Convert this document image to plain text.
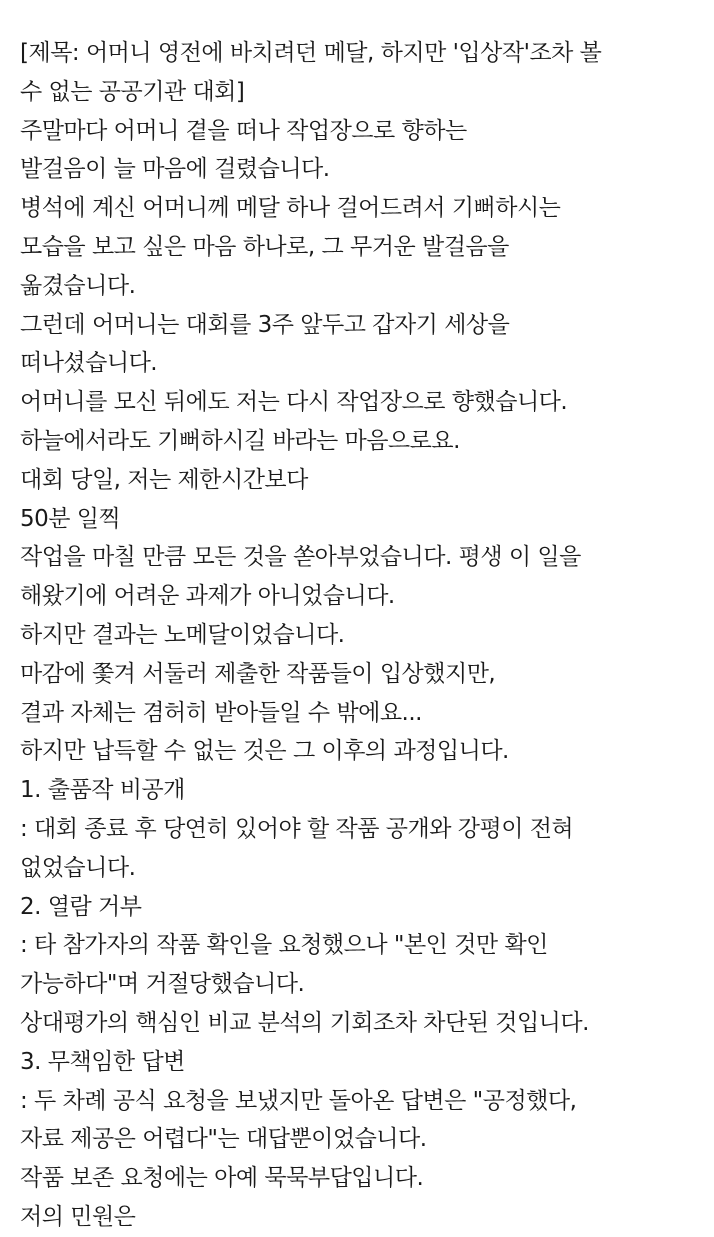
[제목: 어머니 영전에 바치려던 메달, 하지만 '입상작'조차 볼
수 없는 공공기관 대회]
주말마다 어머니 곁을 떠나 작업장으로 향하는
발걸음이 늘 마음에 걸렸습니다.
병석에 계신 어머니께 메달 하나 걸어드려서 기뻐하시는
모습을 보고 싶은 마음 하나로, 그 무거운 발걸음을
옮겼습니다.
그런데 어머니는 대회를 3주 앞두고 갑자기 세상을
떠나셨습니다.
어머니를 모신 뒤에도 저는 다시 작업장으로 향했습니다.
하늘에서라도 기뻐하시길 바라는 마음으로요.
대회 당일, 저는 제한시간보다
50분 일찍
작업을 마칠 만큼 모든 것을 쏟아부었습니다. 평생 이 일을
해왔기에 어려운 과제가 아니었습니다.
하지만 결과는 노메달이었습니다.
마감에 쫓겨 서둘러 제출한 작품들이 입상했지만,
결과 자체는 겸허히 받아들일 수 밖에요...
하지만 납득할 수 없는 것은 그 이후의 과정입니다.
1. 출품작 비공개
: 대회 종료 후 당연히 있어야 할 작품 공개와 강평이 전혀
없었습니다.
2. 열람 거부
: 타 참가자의 작품 확인을 요청했으나 "본인 것만 확인
가능하다"며 거절당했습니다.
상대평가의 핵심인 비교 분석의 기회조차 차단된 것입니다.
3. 무책임한 답변
: 두 차례 공식 요청을 보냈지만 돌아온 답변은 "공정했다,
자료 제공은 어렵다"는 대답뿐이었습니다.
작품 보존 요청에는 아예 묵묵부답입니다.
저의 민원은
